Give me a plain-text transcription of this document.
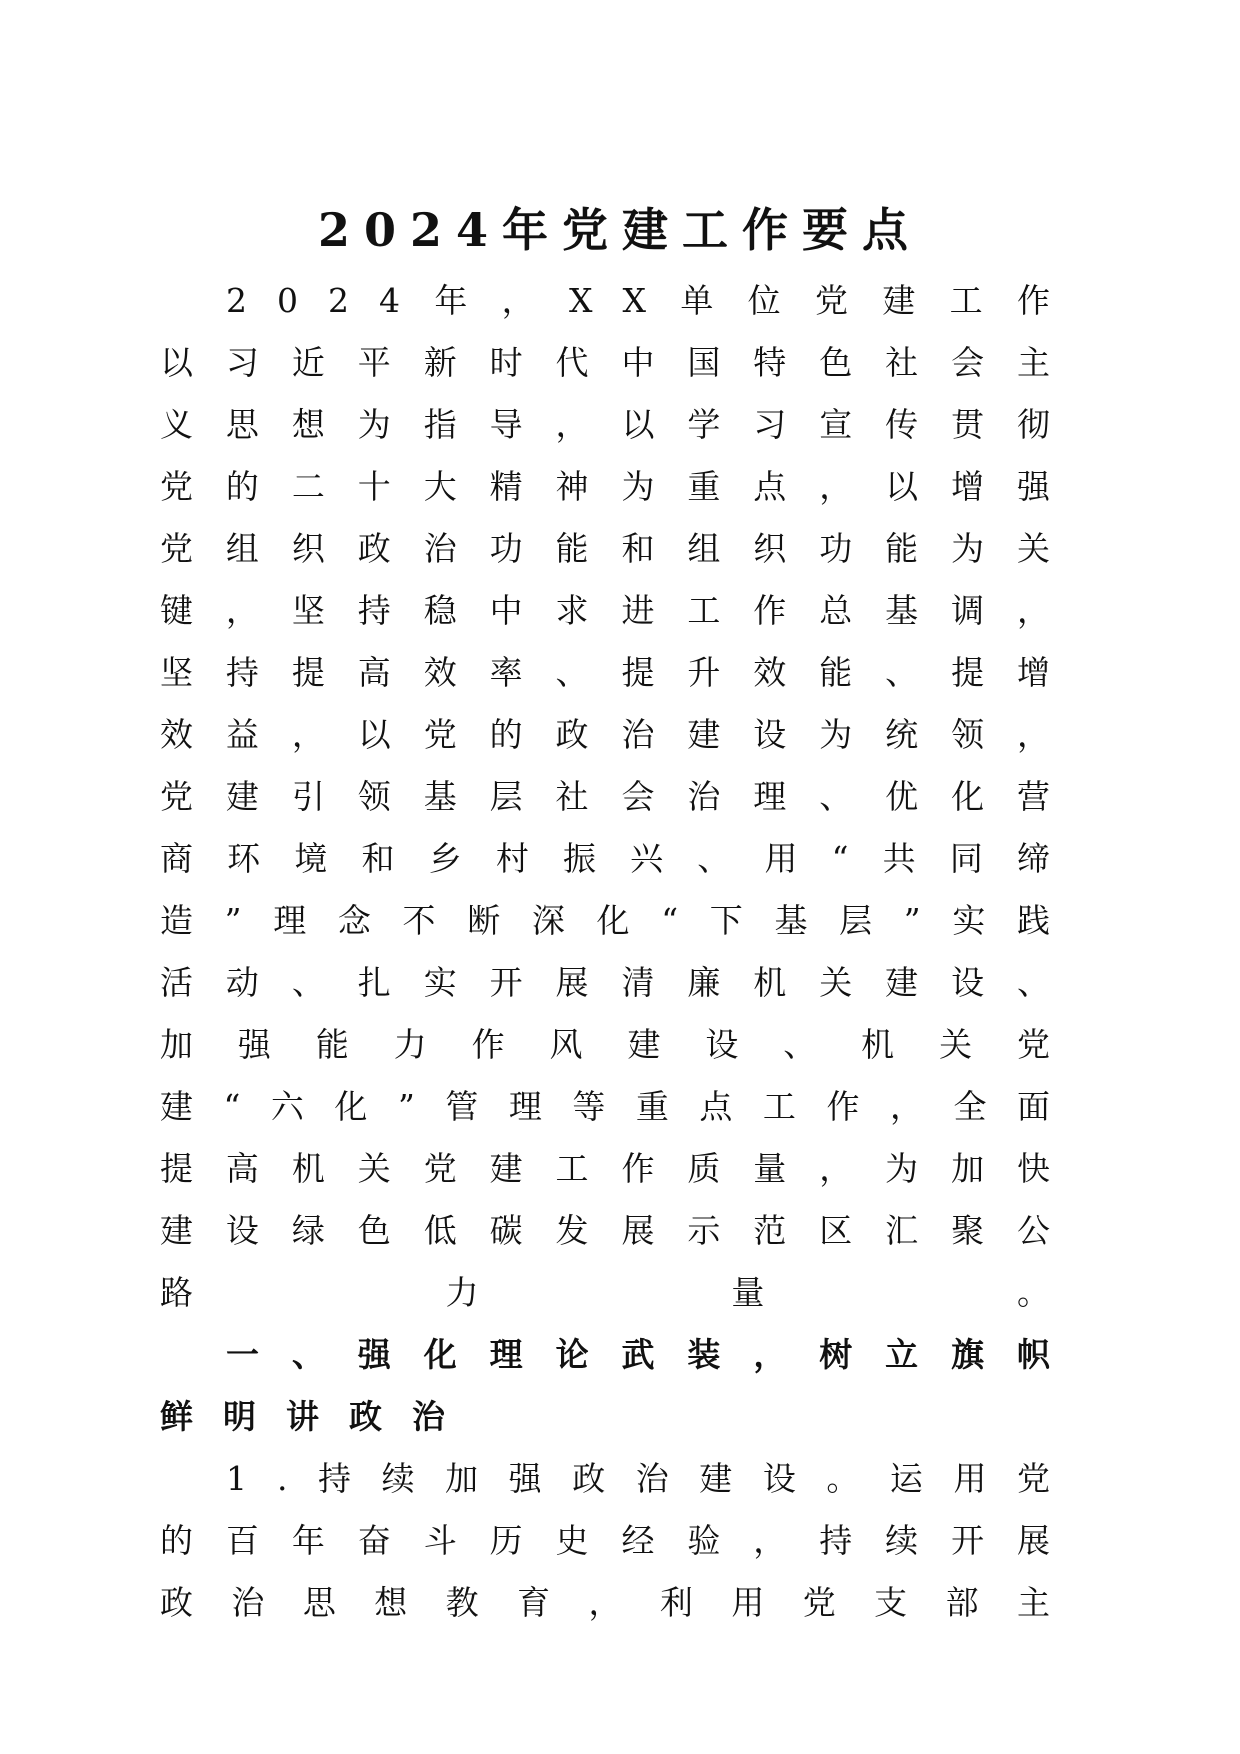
2024年党建工作要点

2024年，XX单位党建工作以习近平新时代中国特色社会主义思想为指导，以学习宣传贯彻党的二十大精神为重点，以增强党组织政治功能和组织功能为关键，坚持稳中求进工作总基调，坚持提高效率、提升效能、提增效益，以党的政治建设为统领，党建引领基层社会治理、优化营商环境和乡村振兴、用“共同缔造”理念不断深化“下基层”实践活动、扎实开展清廉机关建设、加强能力作风建设、机关党建“六化”管理等重点工作，全面提高机关党建工作质量，为加快建设绿色低碳发展示范区汇聚公路力量。

一、强化理论武装，树立旗帜鲜明讲政治

1.持续加强政治建设。运用党的百年奋斗历史经验，持续开展政治思想教育，利用党支部主
